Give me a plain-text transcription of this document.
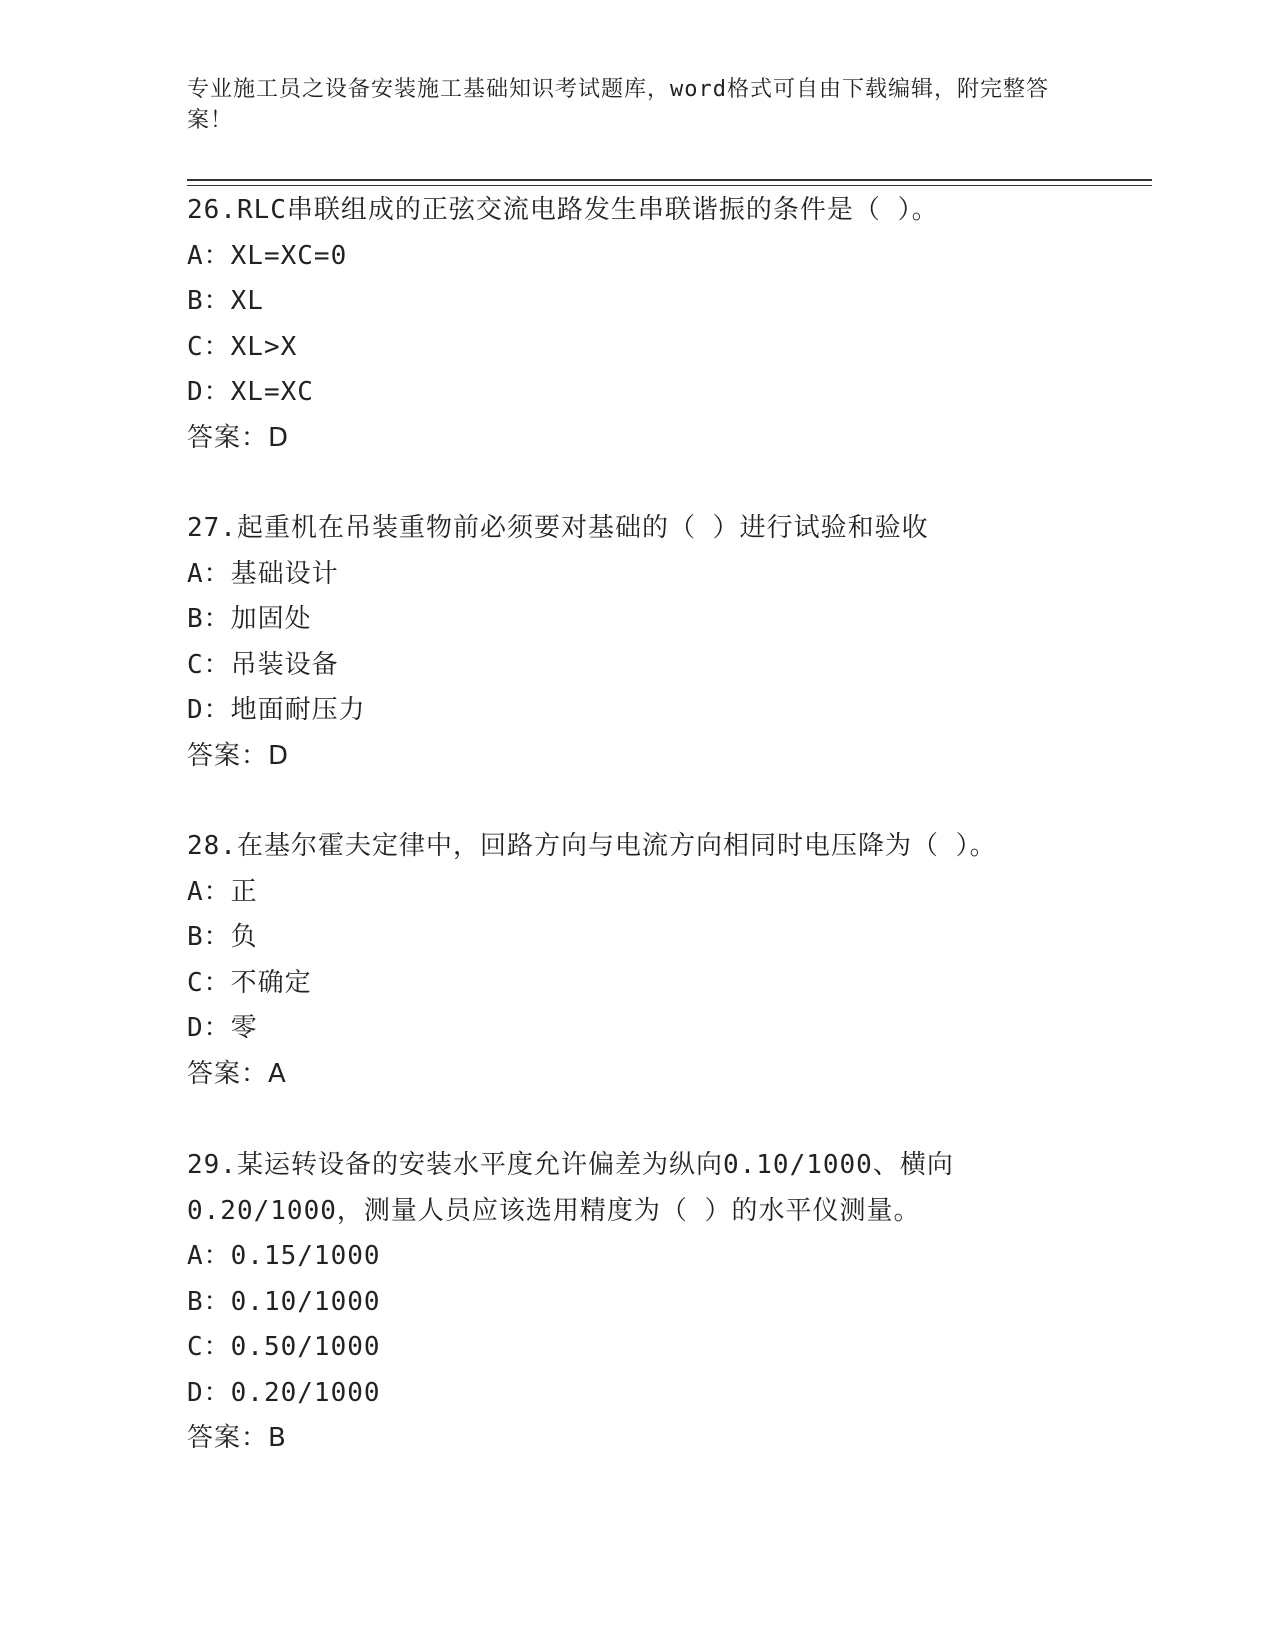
专业施工员之设备安装施工基础知识考试题库，word格式可自由下载编辑，附完整答案！
26.RLC串联组成的正弦交流电路发生串联谐振的条件是（ ）。
A：XL=XC=0
B：XL
C：XL>X
D：XL=XC
答案：D
27.起重机在吊装重物前必须要对基础的（ ）进行试验和验收
A：基础设计
B：加固处
C：吊装设备
D：地面耐压力
答案：D
28.在基尔霍夫定律中，回路方向与电流方向相同时电压降为（ ）。
A：正
B：负
C：不确定
D：零
答案：A
29.某运转设备的安装水平度允许偏差为纵向0.10/1000、横向0.20/1000，测量人员应该选用精度为（ ）的水平仪测量。
A：0.15/1000
B：0.10/1000
C：0.50/1000
D：0.20/1000
答案：B
